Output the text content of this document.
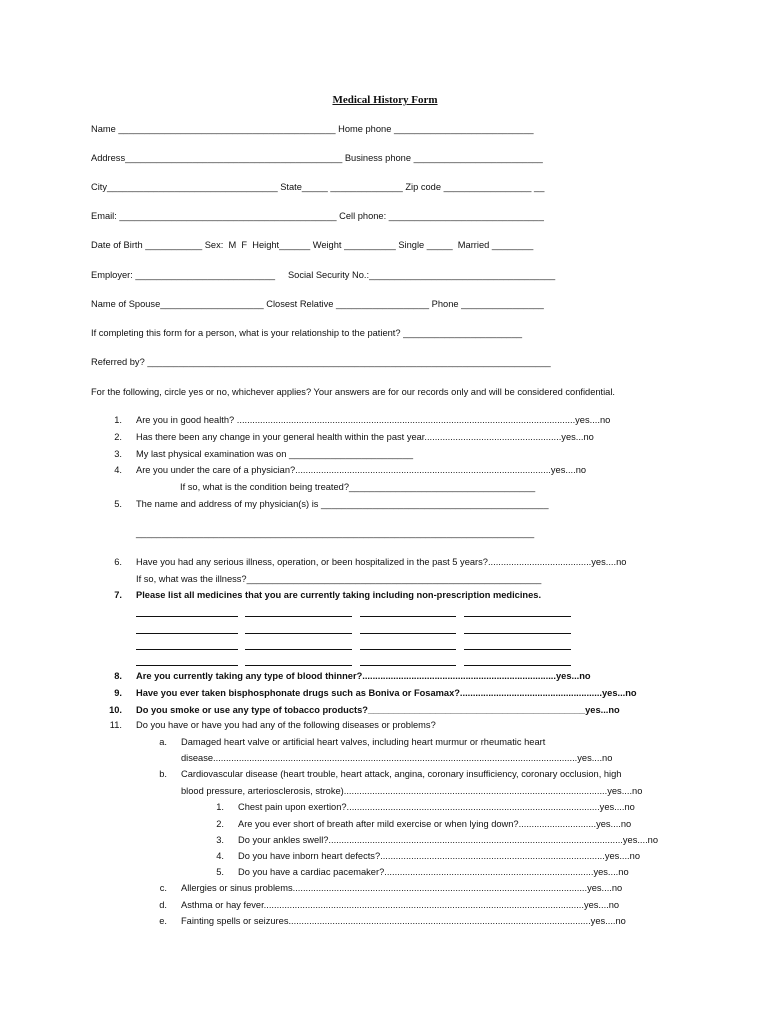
Medical History Form
Name __________________________________________ Home phone ___________________________
Address__________________________________________ Business phone _________________________
City_________________________________ State_____ ______________ Zip code _________________ __
Email: __________________________________________ Cell phone: ______________________________
Date of Birth ___________ Sex:  M  F  Height______ Weight __________ Single _____  Married ________
Employer: ___________________________     Social Security No.:____________________________________
Name of Spouse____________________ Closest Relative __________________ Phone ________________
If completing this form for a person, what is your relationship to the patient? _______________________
Referred by? ______________________________________________________________________________
For the following, circle yes or no, whichever applies? Your answers are for our records only and will be considered confidential.
1. Are you in good health? ...................................................................................................................................yes....no
2. Has there been any change in your general health within the past year.....................................................yes...no
3. My last physical examination was on ________________________
4. Are you under the care of a physician?...................................................................................................yes....no
If so, what is the condition being treated?____________________________________
5. The name and address of my physician(s) is ____________________________________________
_____________________________________________________________________________
6. Have you had any serious illness, operation, or been hospitalized in the past 5 years?........................................yes....no
If so, what was the illness?_________________________________________________________
7. Please list all medicines that you are currently taking including non-prescription medicines.
8. Are you currently taking any type of blood thinner?...........................................................................yes...no
9. Have you ever taken bisphosphonate drugs such as Boniva or Fosamax?.......................................................yes...no
10. Do you smoke or use any type of tobacco products?__________________________________________yes...no
11. Do you have or have you had any of the following diseases or problems?
a. Damaged heart valve or artificial heart valves, including heart murmur or rheumatic heart
disease.............................................................................................................................................yes....no
b. Cardiovascular disease (heart trouble, heart attack, angina, coronary insufficiency, coronary occlusion, high
blood pressure, arteriosclerosis, stroke)......................................................................................................yes....no
1. Chest pain upon exertion?..................................................................................................yes....no
2. Are you ever short of breath after mild exercise or when lying down?..............................yes....no
3. Do your ankles swell?..................................................................................................................yes....no
4. Do you have inborn heart defects?.......................................................................................yes....no
5. Do you have a cardiac pacemaker?.................................................................................yes....no
c. Allergies or sinus problems..................................................................................................................yes....no
d. Asthma or hay fever............................................................................................................................yes....no
e. Fainting spells or seizures.....................................................................................................................yes....no
